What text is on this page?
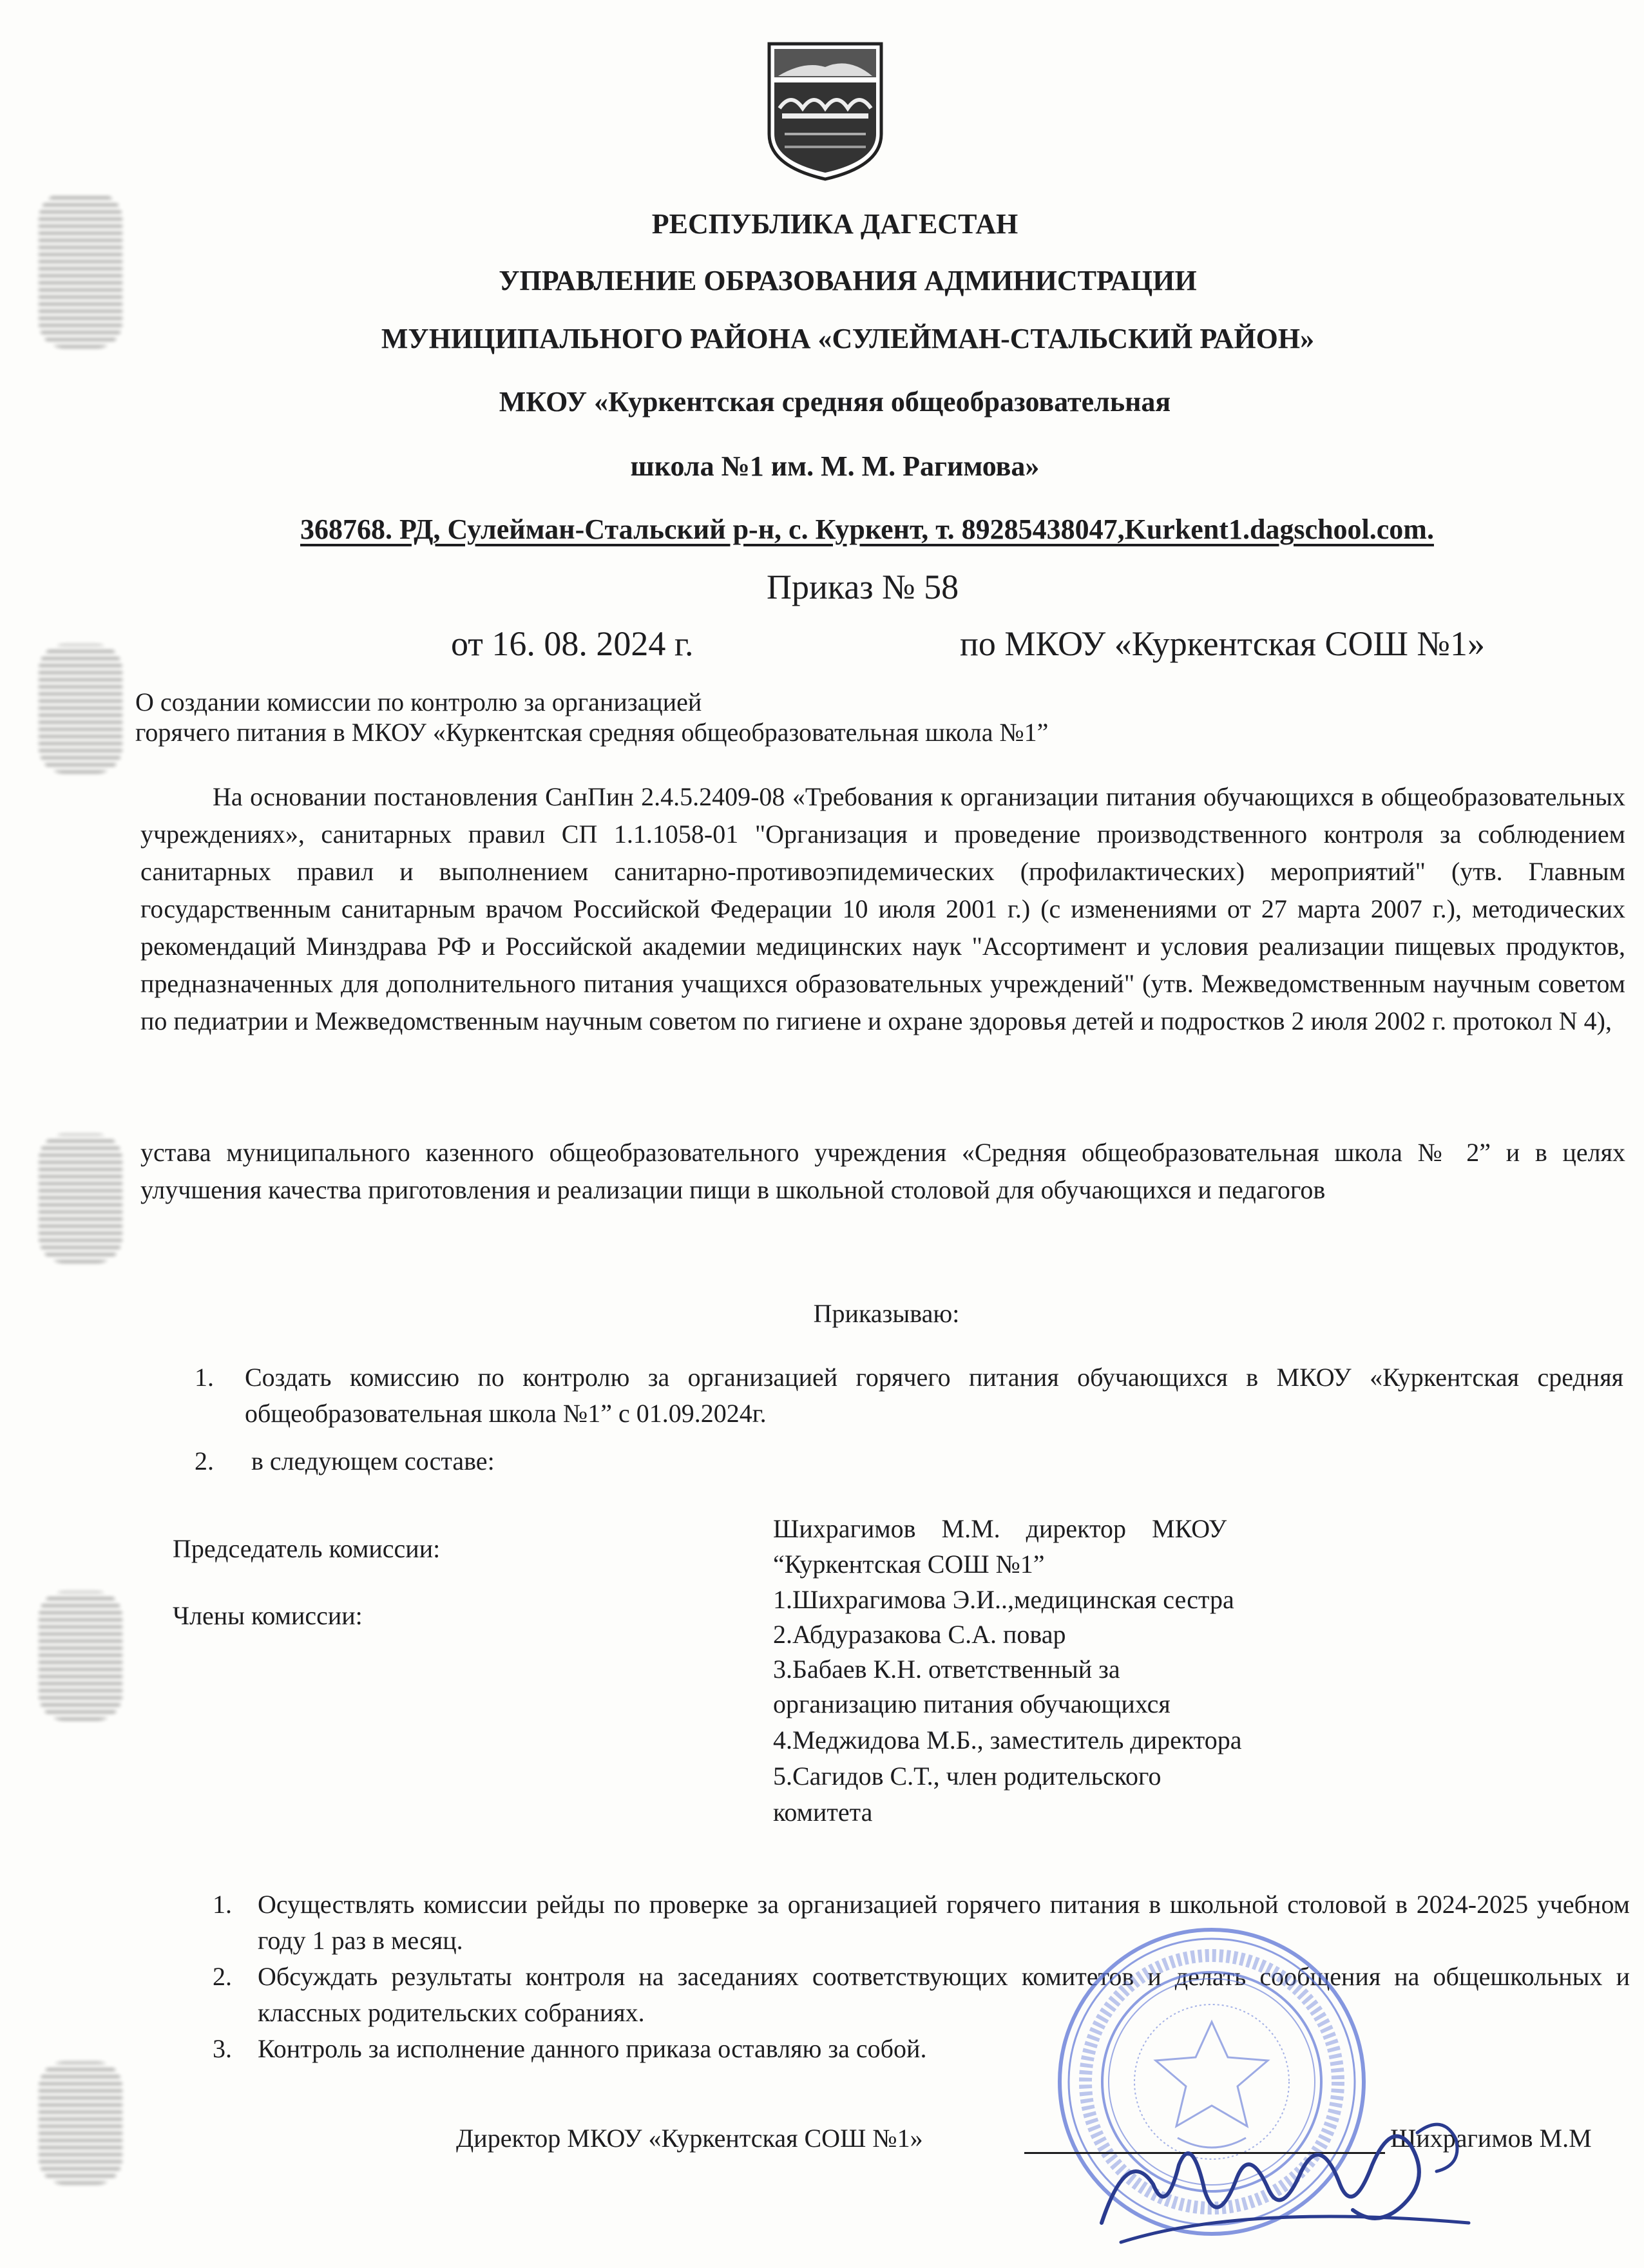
РЕСПУБЛИКА ДАГЕСТАН
УПРАВЛЕНИЕ ОБРАЗОВАНИЯ АДМИНИСТРАЦИИ
МУНИЦИПАЛЬНОГО РАЙОНА «СУЛЕЙМАН-СТАЛЬСКИЙ РАЙОН»
МКОУ «Куркентская средняя общеобразовательная
школа №1 им. М. М. Рагимова»
368768. РД, Сулейман-Стальский р-н, с. Куркент, т. 89285438047,Kurkent1.dagschool.com.
Приказ № 58
от 16. 08. 2024 г.	по МКОУ «Куркентская СОШ №1»
О создании комиссии по контролю за организацией
горячего питания в МКОУ «Куркентская средняя общеобразовательная школа №1”

На основании постановления СанПин 2.4.5.2409-08 «Требования к организации питания обучающихся в общеобразовательных учреждениях», санитарных правил СП 1.1.1058-01 "Организация и проведение производственного контроля за соблюдением санитарных правил и выполнением санитарно-противоэпидемических (профилактических) мероприятий" (утв. Главным государственным санитарным врачом Российской Федерации 10 июля 2001 г.) (с изменениями от 27 марта 2007 г.), методических рекомендаций Минздрава РФ и Российской академии медицинских наук "Ассортимент и условия реализации пищевых продуктов, предназначенных для дополнительного питания учащихся образовательных учреждений" (утв. Межведомственным научным советом по педиатрии и Межведомственным научным советом по гигиене и охране здоровья детей и подростков 2 июля 2002 г. протокол N 4),

устава муниципального казенного общеобразовательного учреждения «Средняя общеобразовательная школа № 2” и в целях улучшения качества приготовления и реализации пищи в школьной столовой для обучающихся и педагогов

Приказываю:
1. Создать комиссию по контролю за организацией горячего питания обучающихся в МКОУ «Куркентская средняя общеобразовательная школа №1” с 01.09.2024г.
2. в следующем составе:
Председатель комиссии:
Шихрагимов    М.М.    директор    МКОУ
“Куркентская СОШ №1”
Члены комиссии:
1.Шихрагимова Э.И..,медицинская сестра
2.Абдуразакова С.А. повар
3.Бабаев К.Н. ответственный за
организацию питания обучающихся
4.Меджидова М.Б., заместитель директора
5.Сагидов С.Т., член родительского
комитета
1. Осуществлять комиссии рейды по проверке за организацией горячего питания в школьной столовой в 2024-2025 учебном году 1 раз в месяц.
2. Обсуждать результаты контроля на заседаниях соответствующих комитетов и делать сообщения на общешкольных и классных родительских собраниях.
3. Контроль за исполнение данного приказа оставляю за собой.
Директор МКОУ «Куркентская СОШ №1»	Шихрагимов М.М
